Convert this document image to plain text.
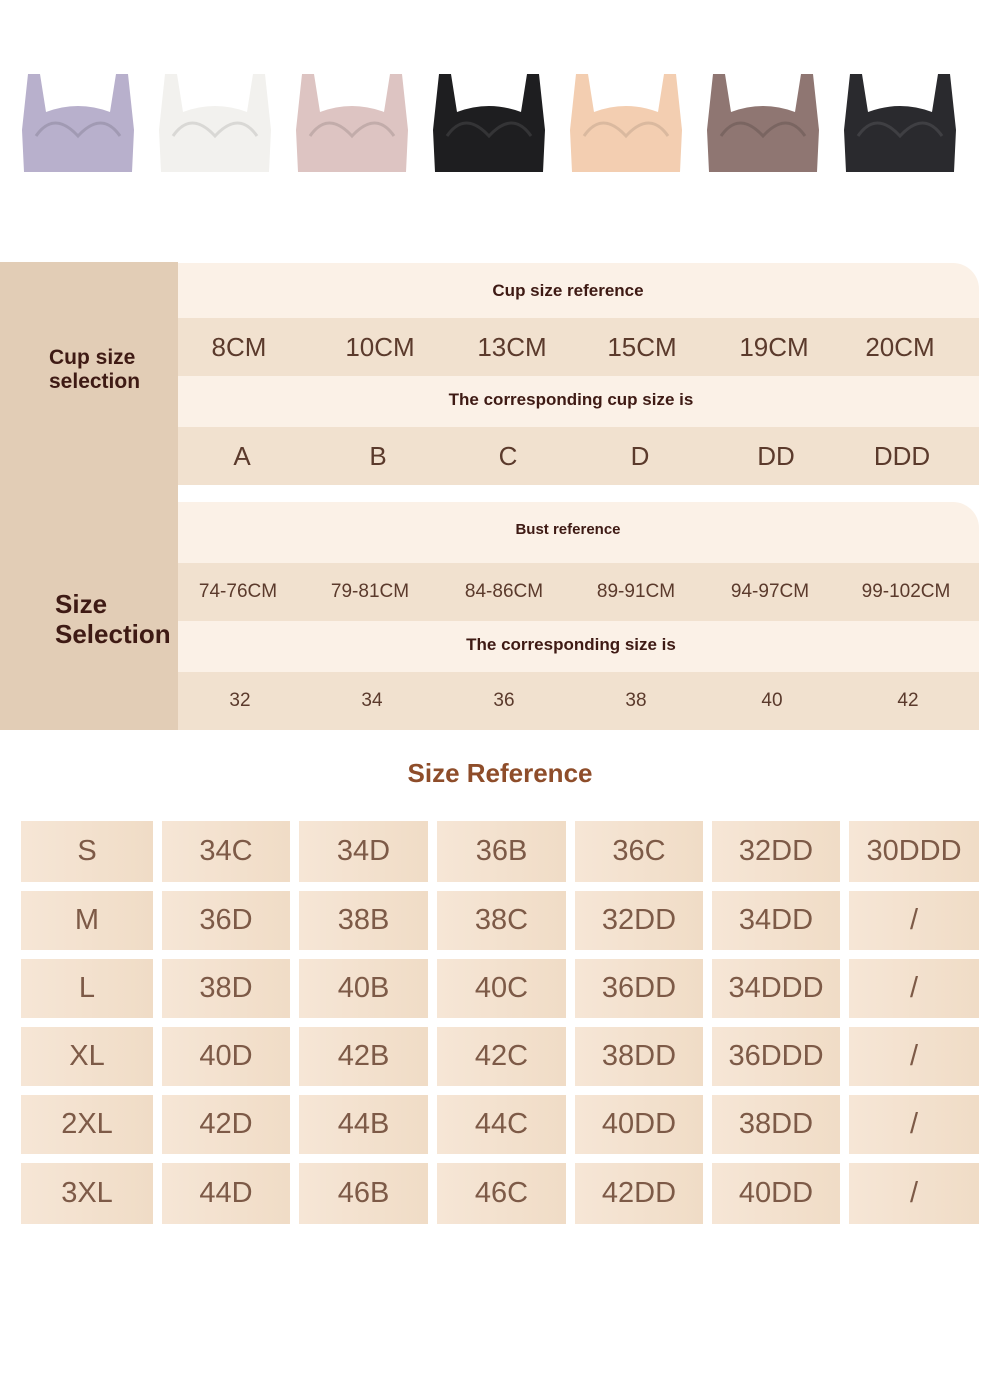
Cup size
selection
Size
Selection
Cup size reference
8CM	10CM	13CM	15CM	19CM	20CM
The corresponding cup size is
A	B	C	D	DD	DDD
Bust reference
74-76CM	79-81CM	84-86CM	89-91CM	94-97CM	99-102CM
The corresponding size is
32	34	36	38	40	42
Size Reference
S	34C	34D	36B	36C	32DD	30DDD
M	36D	38B	38C	32DD	34DD	/
L	38D	40B	40C	36DD	34DDD	/
XL	40D	42B	42C	38DD	36DDD	/
2XL	42D	44B	44C	40DD	38DD	/
3XL	44D	46B	46C	42DD	40DD	/
